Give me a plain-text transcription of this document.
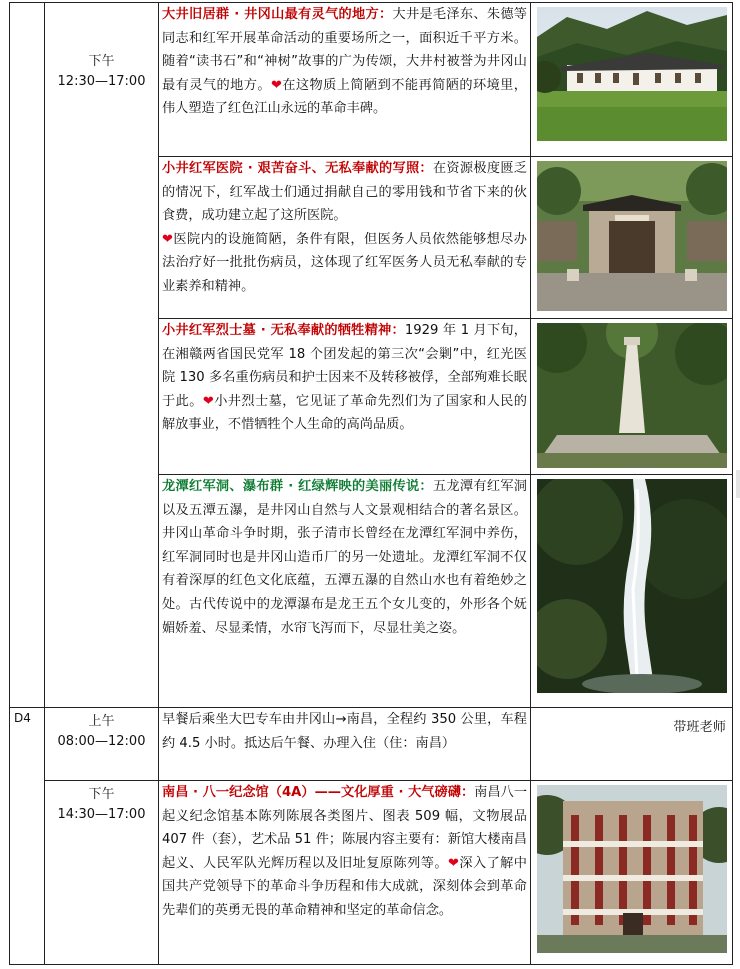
	下午
12:30—17:00	大井旧居群 · 井冈山最有灵气的地方：大井是毛泽东、朱德等同志和红军开展革命活动的重要场所之一，面积近千平方米。随着“读书石”和“神树”故事的广为传颂，大井村被誉为井冈山最有灵气的地方。❤在这物质上简陋到不能再简陋的环境里，伟人塑造了红色江山永远的革命丰碑。

		小井红军医院 · 艰苦奋斗、无私奉献的写照：在资源极度匮乏的情况下，红军战士们通过捐献自己的零用钱和节省下来的伙食费，成功建立起了这所医院。
❤医院内的设施简陋，条件有限，但医务人员依然能够想尽办法治疗好一批批伤病员，这体现了红军医务人员无私奉献的专业素养和精神。

		小井红军烈士墓 · 无私奉献的牺牲精神：1929 年 1 月下旬，在湘赣两省国民党军 18 个团发起的第三次“会剿”中，红光医院 130 多名重伤病员和护士因来不及转移被俘，全部殉难长眠于此。❤小井烈士墓，它见证了革命先烈们为了国家和人民的解放事业，不惜牺牲个人生命的高尚品质。

		龙潭红军洞、瀑布群 · 红绿辉映的美丽传说：五龙潭有红军洞以及五潭五瀑，是井冈山自然与人文景观相结合的著名景区。井冈山革命斗争时期，张子清市长曾经在龙潭红军洞中养伤，红军洞同时也是井冈山造币厂的另一处遗址。龙潭红军洞不仅有着深厚的红色文化底蕴，五潭五瀑的自然山水也有着绝妙之处。古代传说中的龙潭瀑布是龙王五个女儿变的，外形各个妩媚娇羞、尽显柔情，水帘飞泻而下，尽显壮美之姿。

D4	上午
08:00—12:00	早餐后乘坐大巴专车由井冈山→南昌，全程约 350 公里，车程约 4.5 小时。抵达后午餐、办理入住（住：南昌）	带班老师

	下午
14:30—17:00	南昌 · 八一纪念馆（4A）——文化厚重 · 大气磅礴：南昌八一起义纪念馆基本陈列陈展各类图片、图表 509 幅，文物展品 407 件（套），艺术品 51 件；陈展内容主要有：新馆大楼南昌起义、人民军队光辉历程以及旧址复原陈列等。❤深入了解中国共产党领导下的革命斗争历程和伟大成就，深刻体会到革命先辈们的英勇无畏的革命精神和坚定的革命信念。
